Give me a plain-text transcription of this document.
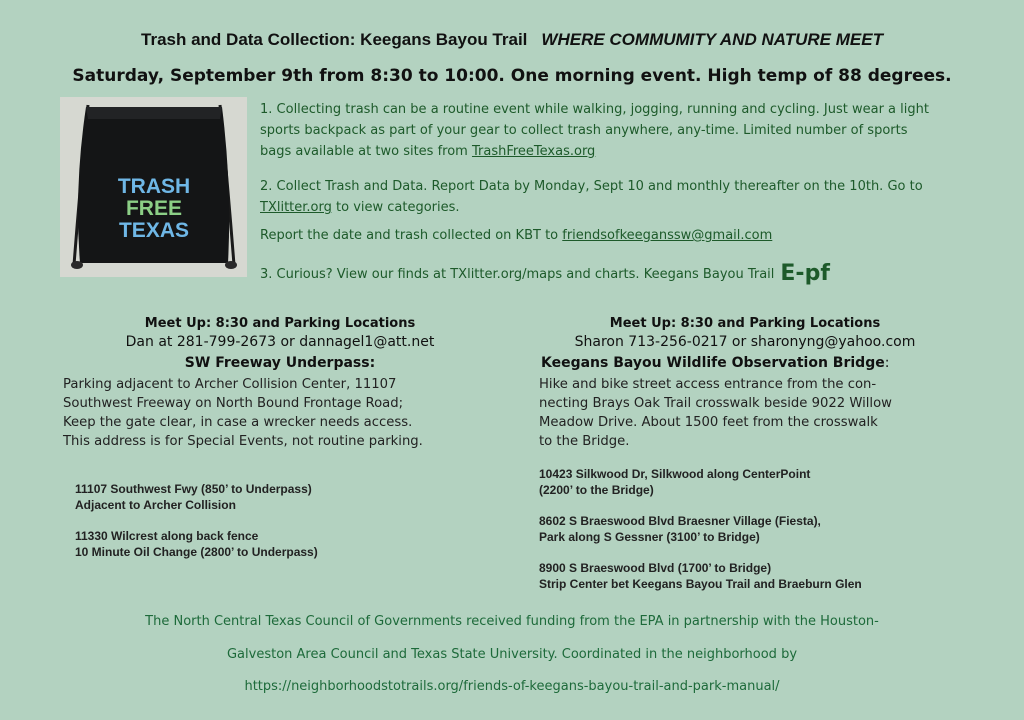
Trash and Data Collection: Keegans Bayou Trail WHERE COMMUMITY AND NATURE MEET
Saturday, September 9th from 8:30 to 10:00. One morning event. High temp of 88 degrees.
TRASH
FREE
TEXAS
1. Collecting trash can be a routine event while walking, jogging, running and cycling. Just wear a light sports backpack as part of your gear to collect trash anywhere, any-time. Limited number of sports bags available at two sites from TrashFreeTexas.org
2. Collect Trash and Data. Report Data by Monday, Sept 10 and monthly thereafter on the 10th. Go to TXlitter.org to view categories.
Report the date and trash collected on KBT to friendsofkeeganssw@gmail.com
3. Curious? View our finds at TXlitter.org/maps and charts. Keegans Bayou Trail E-pf
Meet Up: 8:30 and Parking Locations
Dan at 281-799-2673 or dannagel1@att.net
SW Freeway Underpass:
Parking adjacent to Archer Collision Center, 11107
Southwest Freeway on North Bound Frontage Road;
Keep the gate clear, in case a wrecker needs access.
This address is for Special Events, not routine parking.
11107 Southwest Fwy (850’ to Underpass)
Adjacent to Archer Collision
11330 Wilcrest along back fence
10 Minute Oil Change (2800’ to Underpass)
Meet Up: 8:30 and Parking Locations
Sharon 713-256-0217 or sharonyng@yahoo.com
Keegans Bayou Wildlife Observation Bridge:
Hike and bike street access entrance from the con-
necting Brays Oak Trail crosswalk beside 9022 Willow
Meadow Drive. About 1500 feet from the crosswalk
to the Bridge.
10423 Silkwood Dr, Silkwood along CenterPoint
(2200’ to the Bridge)
8602 S Braeswood Blvd Braesner Village (Fiesta),
Park along S Gessner (3100’ to Bridge)
8900 S Braeswood Blvd (1700’ to Bridge)
Strip Center bet Keegans Bayou Trail and Braeburn Glen
The North Central Texas Council of Governments received funding from the EPA in partnership with the Houston-
Galveston Area Council and Texas State University. Coordinated in the neighborhood by
https://neighborhoodstotrails.org/friends-of-keegans-bayou-trail-and-park-manual/
